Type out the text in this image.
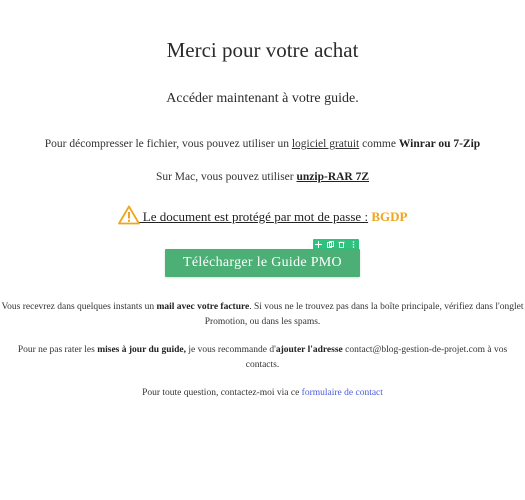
Merci pour votre achat
Accéder maintenant à votre guide.
Pour décompresser le fichier, vous pouvez utiliser un logiciel gratuit comme Winrar ou 7-Zip
Sur Mac, vous pouvez utiliser unzip-RAR 7Z
Le document est protégé par mot de passe : BGDP
Télécharger le Guide PMO
Vous recevrez dans quelques instants un mail avec votre facture. Si vous ne le trouvez pas dans la boîte principale, vérifiez dans l'onglet Promotion, ou dans les spams.
Pour ne pas rater les mises à jour du guide, je vous recommande d'ajouter l'adresse contact@blog-gestion-de-projet.com à vos contacts.
Pour toute question, contactez-moi via ce formulaire de contact
